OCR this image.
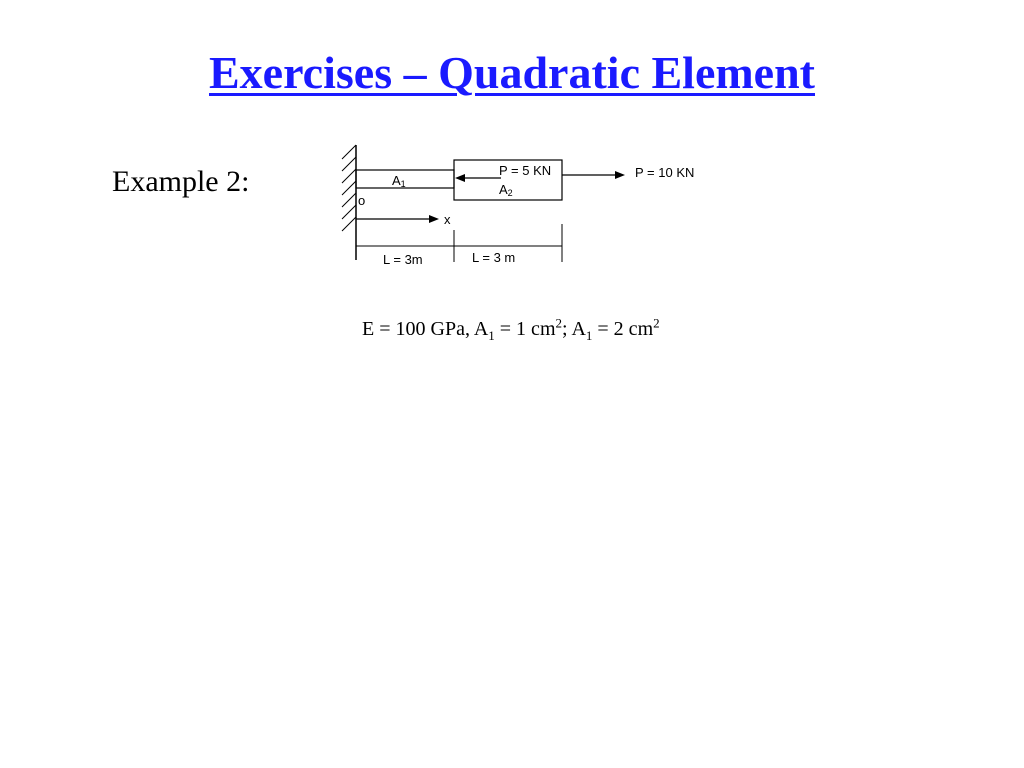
Exercises – Quadratic Element
Example 2:	A1	A2
P = 5 KN	P = 10 KN
o
x
L = 3m	L = 3 m
E = 100 GPa, $A_1 = 1$ $cm^2$; $A_1 = 2$ $cm^2$
